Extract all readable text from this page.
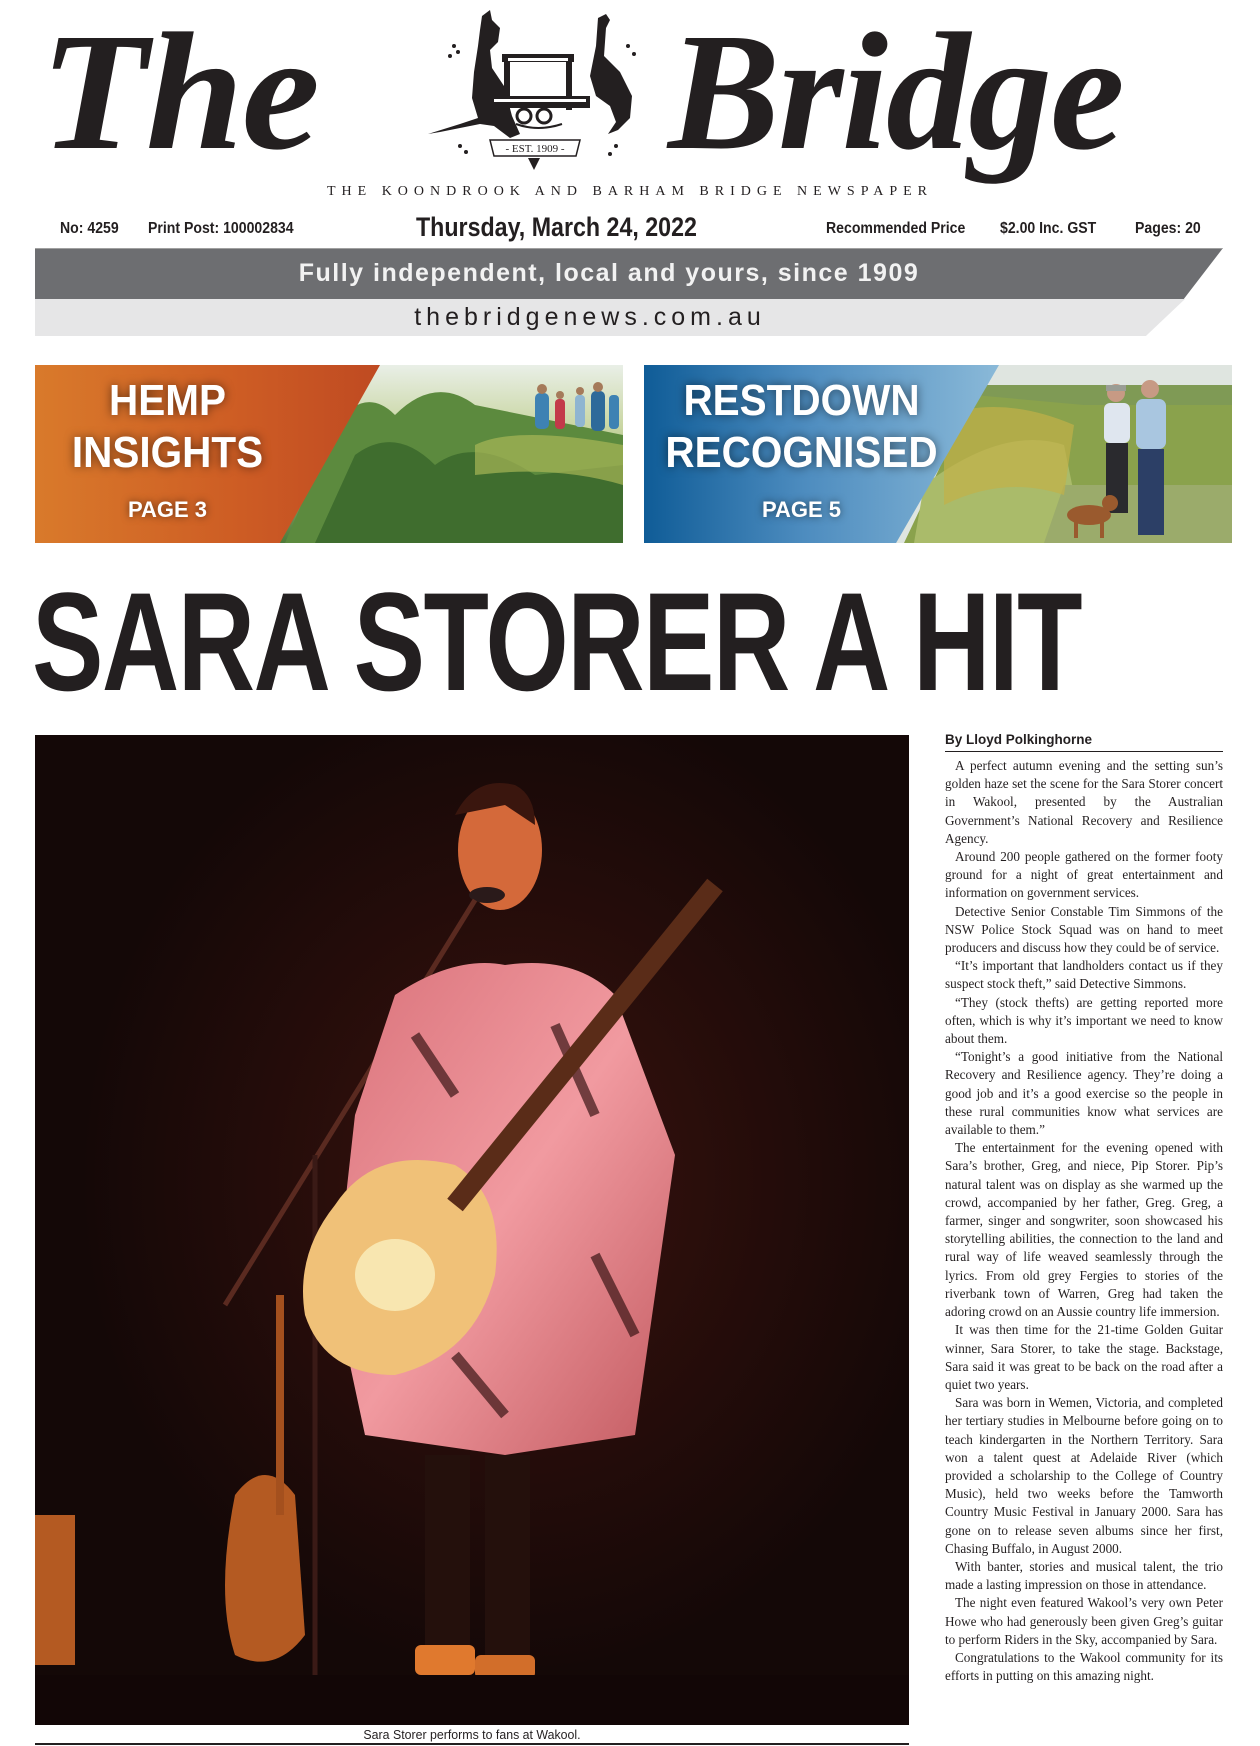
The	- EST. 1909 - Bridge
THE KOONDROOK AND BARHAM BRIDGE NEWSPAPER
No: 4259 Print Post: 100002834	Thursday, March 24, 2022	Recommended Price $2.00 Inc. GST Pages: 20
Fully independent, local and yours, since 1909
thebridgenews.com.au
HEMP
INSIGHTS
PAGE 3
RESTDOWN
RECOGNISED
PAGE 5
SARA STORER A HIT
Sara Storer performs to fans at Wakool.
By Lloyd Polkinghorne

A perfect autumn evening and the setting sun’s golden haze set the scene for the Sara Storer concert in Wakool, presented by the Australian Government’s National Recovery and Resilience Agency.

Around 200 people gathered on the former footy ground for a night of great entertainment and information on government services.

Detective Senior Constable Tim Simmons of the NSW Police Stock Squad was on hand to meet producers and discuss how they could be of service.

“It’s important that landholders contact us if they suspect stock theft,” said Detective Simmons.

“They (stock thefts) are getting reported more often, which is why it’s important we need to know about them.

“Tonight’s a good initiative from the National Recovery and Resilience agency. They’re doing a good job and it’s a good exercise so the people in these rural communities know what services are available to them.”

The entertainment for the evening opened with Sara’s brother, Greg, and niece, Pip Storer. Pip’s natural talent was on display as she warmed up the crowd, accompanied by her father, Greg. Greg, a farmer, singer and songwriter, soon showcased his storytelling abilities, the connection to the land and rural way of life weaved seamlessly through the lyrics. From old grey Fergies to stories of the riverbank town of Warren, Greg had taken the adoring crowd on an Aussie country life immersion.

It was then time for the 21-time Golden Guitar winner, Sara Storer, to take the stage. Backstage, Sara said it was great to be back on the road after a quiet two years.

Sara was born in Wemen, Victoria, and completed her tertiary studies in Melbourne before going on to teach kindergarten in the Northern Territory. Sara won a talent quest at Adelaide River (which provided a scholarship to the College of Country Music), held two weeks before the Tamworth Country Music Festival in January 2000. Sara has gone on to release seven albums since her first, Chasing Buffalo, in August 2000.

With banter, stories and musical talent, the trio made a lasting impression on those in attendance.

The night even featured Wakool’s very own Peter Howe who had generously been given Greg’s guitar to perform Riders in the Sky, accompanied by Sara.

Congratulations to the Wakool community for its efforts in putting on this amazing night.
